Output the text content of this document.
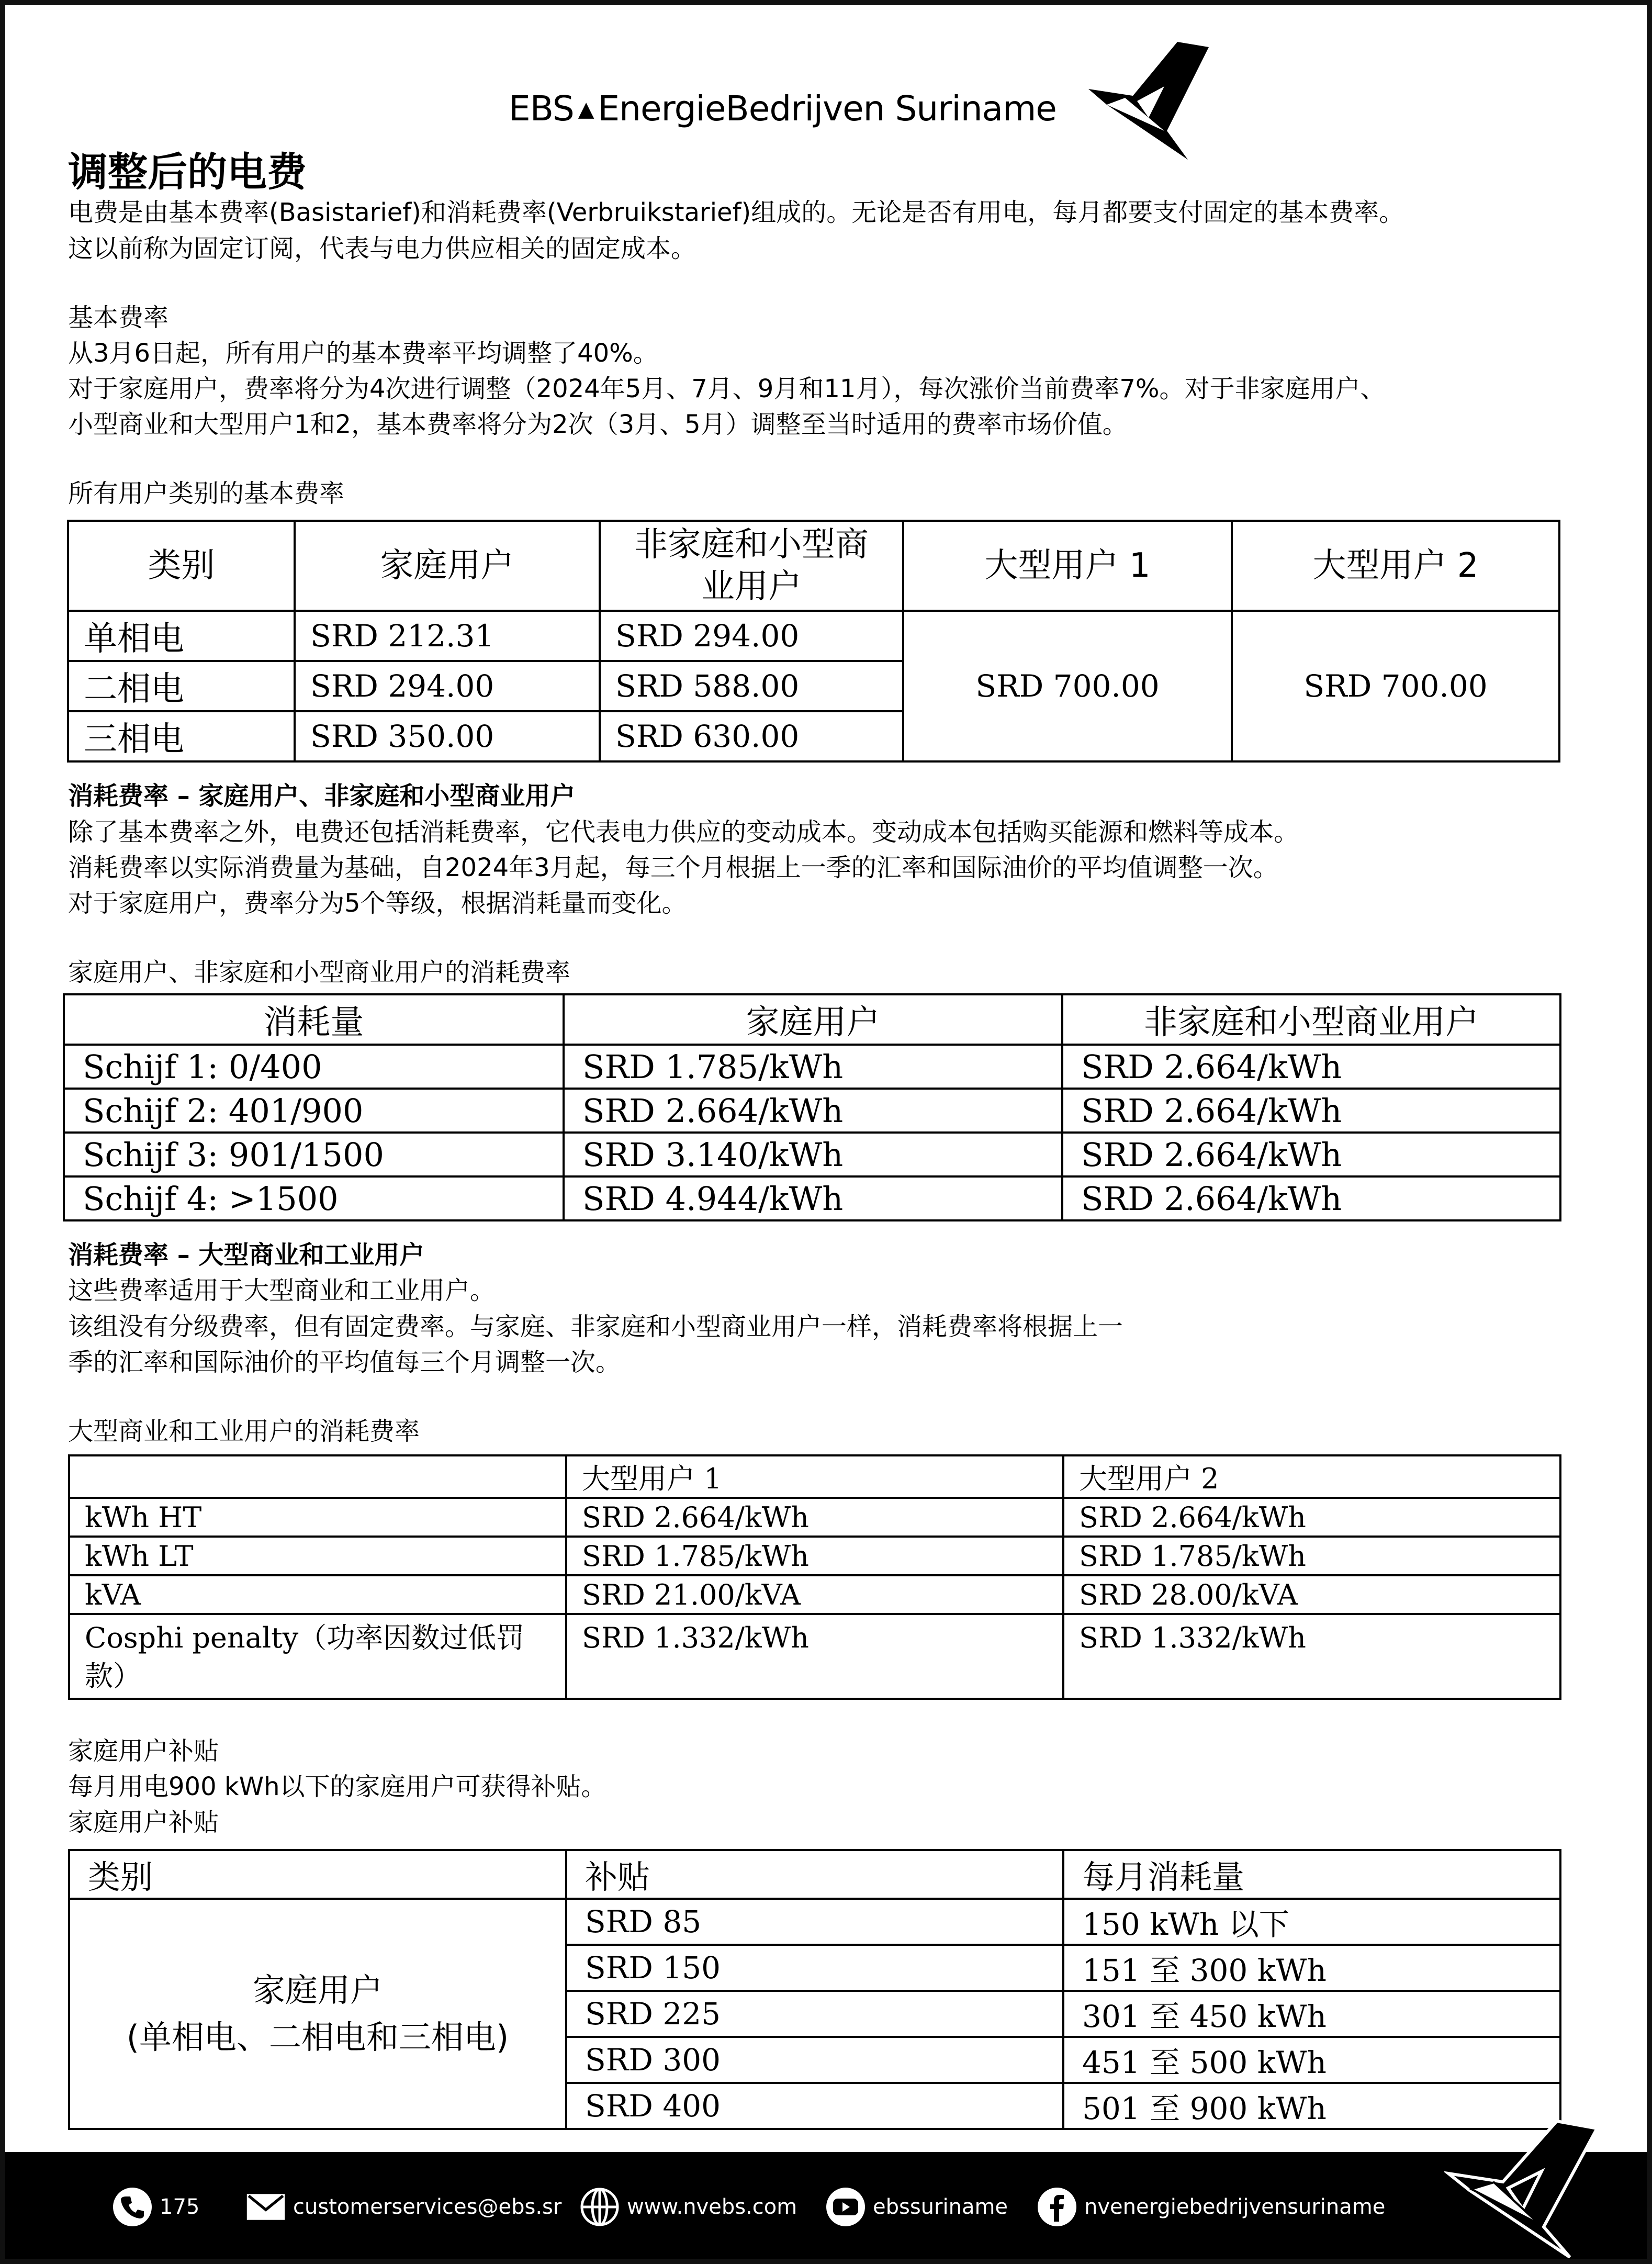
EBS ▲ EnergieBedrijven Suriname
调整后的电费
电费是由基本费率(Basistarief)和消耗费率(Verbruikstarief)组成的。无论是否有用电，每月都要支付固定的基本费率。
这以前称为固定订阅，代表与电力供应相关的固定成本。
基本费率
从3月6日起，所有用户的基本费率平均调整了40%。
对于家庭用户，费率将分为4次进行调整（2024年5月、7月、9月和11月），每次涨价当前费率7%。对于非家庭用户、
小型商业和大型用户1和2，基本费率将分为2次（3月、5月）调整至当时适用的费率市场价值。
所有用户类别的基本费率
类别	家庭用户	非家庭和小型商业用户	大型用户 1	大型用户 2
单相电	SRD 212.31	SRD 294.00	SRD 700.00	SRD 700.00
二相电	SRD 294.00	SRD 588.00		
三相电	SRD 350.00	SRD 630.00		
消耗费率 – 家庭用户、非家庭和小型商业用户
除了基本费率之外，电费还包括消耗费率，它代表电力供应的变动成本。变动成本包括购买能源和燃料等成本。
消耗费率以实际消费量为基础，自2024年3月起，每三个月根据上一季的汇率和国际油价的平均值调整一次。
对于家庭用户，费率分为5个等级，根据消耗量而变化。
家庭用户、非家庭和小型商业用户的消耗费率
消耗量	家庭用户	非家庭和小型商业用户
Schijf 1: 0/400	SRD 1.785/kWh	SRD 2.664/kWh
Schijf 2: 401/900	SRD 2.664/kWh	SRD 2.664/kWh
Schijf 3: 901/1500	SRD 3.140/kWh	SRD 2.664/kWh
Schijf 4: >1500	SRD 4.944/kWh	SRD 2.664/kWh
消耗费率 – 大型商业和工业用户
这些费率适用于大型商业和工业用户。
该组没有分级费率，但有固定费率。与家庭、非家庭和小型商业用户一样，消耗费率将根据上一
季的汇率和国际油价的平均值每三个月调整一次。
大型商业和工业用户的消耗费率
	大型用户 1	大型用户 2
kWh HT	SRD 2.664/kWh	SRD 2.664/kWh
kWh LT	SRD 1.785/kWh	SRD 1.785/kWh
kVA	SRD 21.00/kVA	SRD 28.00/kVA
Cosphi penalty（功率因数过低罚款）	SRD 1.332/kWh	SRD 1.332/kWh
家庭用户补贴
每月用电900 kWh以下的家庭用户可获得补贴。
家庭用户补贴
类别	补贴	每月消耗量

家庭用户
(单相电、二相电和三相电)	SRD 85	150 kWh 以下
	SRD 150	151 至 300 kWh
	SRD 225	301 至 450 kWh
	SRD 300	451 至 500 kWh
	SRD 400	501 至 900 kWh
175	customerservices@ebs.sr	www.nvebs.com	ebssuriname	nvenergiebedrijvensuriname
